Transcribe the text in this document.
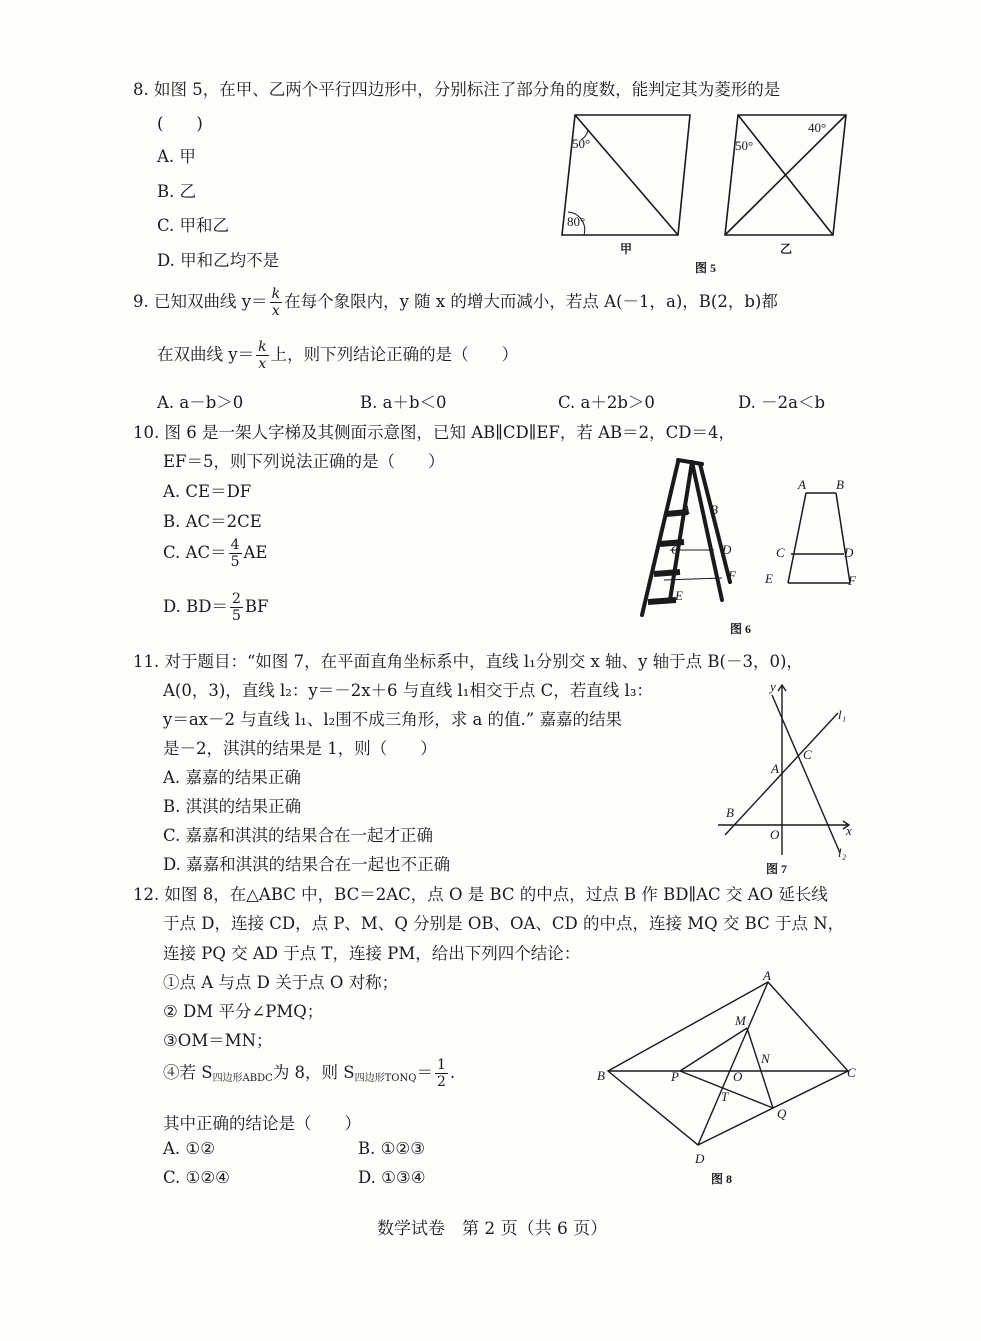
8. 如图 5，在甲、乙两个平行四边形中，分别标注了部分角的度数，能判定其为菱形的是
(　　)
A. 甲
B. 乙
C. 甲和乙
D. 甲和乙均不是
50°
80°
50°
40°
甲	乙
图 5
9. 已知双曲线 $y= \frac{k}{x}$ 在每个象限内，y 随 x 的增大而减小，若点 A(－1，a)，B(2，b)都
在双曲线 $y= \frac{k}{x}$ 上，则下列结论正确的是（　　）
A. a－b＞0	B. a＋b＜0	C. a＋2b＞0	D. －2a＜b
10. 图 6 是一架人字梯及其侧面示意图，已知 AB∥CD∥EF，若 AB＝2，CD＝4，
EF＝5，则下列说法正确的是（　　）
A. CE＝DF
B. AC＝2CE
C. $AC= \frac{4}{5}$ AE
D. $BD= \frac{2}{5}$ BF
A B
C	D
E
F
A B
C	D
E	F
图 6
11. 对于题目：“如图 7，在平面直角坐标系中，直线 l₁分别交 x 轴、y 轴于点 B(－3，0)，
A(0，3)，直线 l₂：y＝－2x＋6 与直线 l₁相交于点 C，若直线 l₃：
y＝ax－2 与直线 l₁、l₂围不成三角形，求 a 的值.” 嘉嘉的结果
是－2，淇淇的结果是 1，则（　　）
A. 嘉嘉的结果正确
B. 淇淇的结果正确
C. 嘉嘉和淇淇的结果合在一起才正确
D. 嘉嘉和淇淇的结果合在一起也不正确
y
x
l₁
l₂
A
B
C
O
图 7
12. 如图 8，在△ABC 中，BC＝2AC，点 O 是 BC 的中点，过点 B 作 BD∥AC 交 AO 延长线
于点 D，连接 CD，点 P、M、Q 分别是 OB、OA、CD 的中点，连接 MQ 交 BC 于点 N，
连接 PQ 交 AD 于点 T，连接 PM，给出下列四个结论：
①点 A 与点 D 关于点 O 对称；
② DM 平分∠PMQ；
③OM＝MN；
④若 $S_{四边形ABDC}$为 8，则 $S_{四边形TONQ}= \frac{1}{2}$ .
其中正确的结论是（　　）
A. ①②	B. ①②③
C. ①②④	D. ①③④
A
B	C
D
M
N
O
P
Q
T
图 8
数学试卷　第 2 页（共 6 页）
